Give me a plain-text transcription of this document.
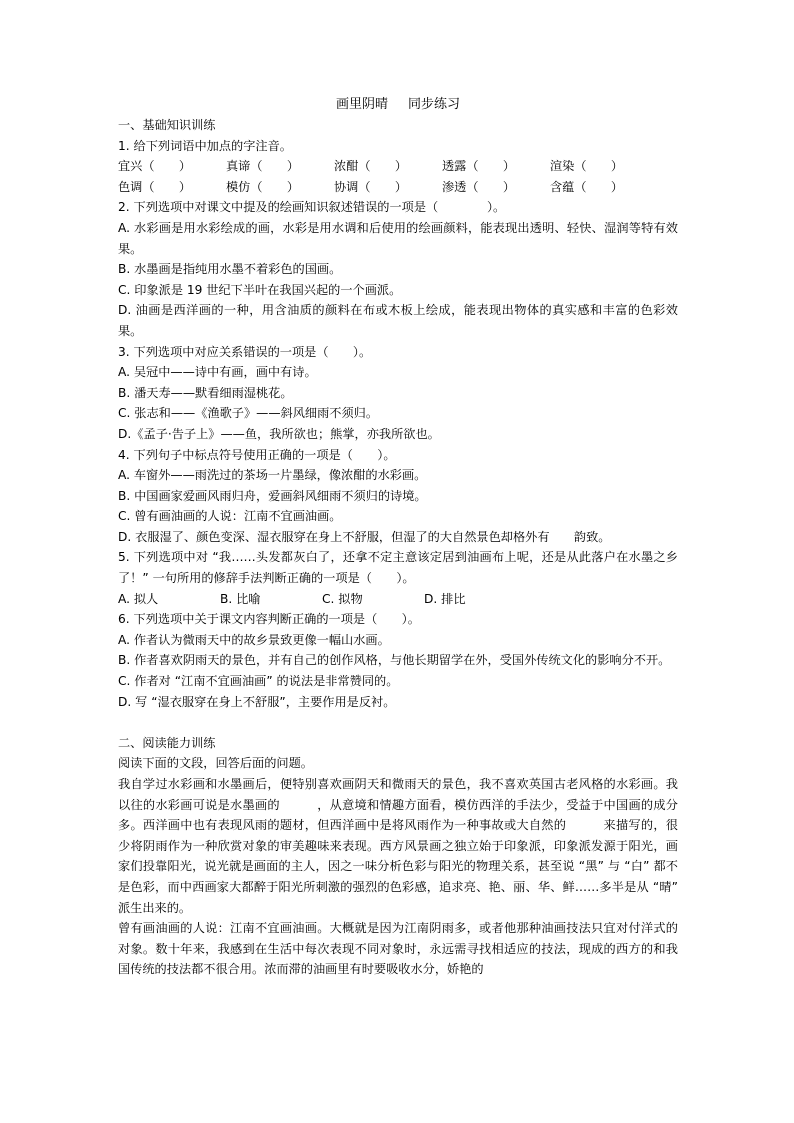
画里阴晴 同步练习
一、基础知识训练
1. 给下列词语中加点的字注音。
宜兴（　　）	真谛（　　）	浓酣（　　）	透露（　　）	渲染（　　）
色调（　　）	模仿（　　）	协调（　　）	渗透（　　）	含蕴（　　）
2. 下列选项中对课文中提及的绘画知识叙述错误的一项是（　　　　）。
A. 水彩画是用水彩绘成的画，水彩是用水调和后使用的绘画颜料，能表现出透明、轻快、湿润等特有效果。
B. 水墨画是指纯用水墨不着彩色的国画。
C. 印象派是 19 世纪下半叶在我国兴起的一个画派。
D. 油画是西洋画的一种，用含油质的颜料在布或木板上绘成，能表现出物体的真实感和丰富的色彩效果。
3. 下列选项中对应关系错误的一项是（　　）。
A. 吴冠中——诗中有画，画中有诗。
B. 潘天寿——默看细雨湿桃花。
C. 张志和——《渔歌子》——斜风细雨不须归。
D.《孟子·告子上》——鱼，我所欲也；熊掌，亦我所欲也。
4. 下列句子中标点符号使用正确的一项是（　　）。
A. 车窗外——雨洗过的茶场一片墨绿，像浓酣的水彩画。
B. 中国画家爱画风雨归舟，爱画斜风细雨不须归的诗境。
C. 曾有画油画的人说：江南不宜画油画。
D. 衣服湿了、颜色变深、湿衣服穿在身上不舒服，但湿了的大自然景色却格外有　　韵致。
5. 下列选项中对 “我……头发都灰白了，还拿不定主意该定居到油画布上呢，还是从此落户在水墨之乡了！” 一句所用的修辞手法判断正确的一项是（　　）。
A. 拟人	B. 比喻	C. 拟物	D. 排比
6. 下列选项中关于课文内容判断正确的一项是（　　）。
A. 作者认为微雨天中的故乡景致更像一幅山水画。
B. 作者喜欢阴雨天的景色，并有自己的创作风格，与他长期留学在外，受国外传统文化的影响分不开。
C. 作者对 “江南不宜画油画” 的说法是非常赞同的。
D. 写 “湿衣服穿在身上不舒服”，主要作用是反衬。
二、阅读能力训练
阅读下面的文段，回答后面的问题。

我自学过水彩画和水墨画后，便特别喜欢画阴天和微雨天的景色，我不喜欢英国古老风格的水彩画。我以往的水彩画可说是水墨画的　　　，从意境和情趣方面看，模仿西洋的手法少，受益于中国画的成分多。西洋画中也有表现风雨的题材，但西洋画中是将风雨作为一种事故或大自然的　　　来描写的，很少将阴雨作为一种欣赏对象的审美趣味来表现。西方风景画之独立始于印象派，印象派发源于阳光，画家们投靠阳光，说光就是画面的主人，因之一味分析色彩与阳光的物理关系，甚至说 “黑” 与 “白” 都不是色彩，而中西画家大都醉于阳光所刺激的强烈的色彩感，追求亮、艳、丽、华、鲜……多半是从 “晴” 派生出来的。

曾有画油画的人说：江南不宜画油画。大概就是因为江南阴雨多，或者他那种油画技法只宜对付洋式的对象。数十年来，我感到在生活中每次表现不同对象时，永远需寻找相适应的技法，现成的西方的和我国传统的技法都不很合用。浓而滞的油画里有时要吸收水分，娇艳的
